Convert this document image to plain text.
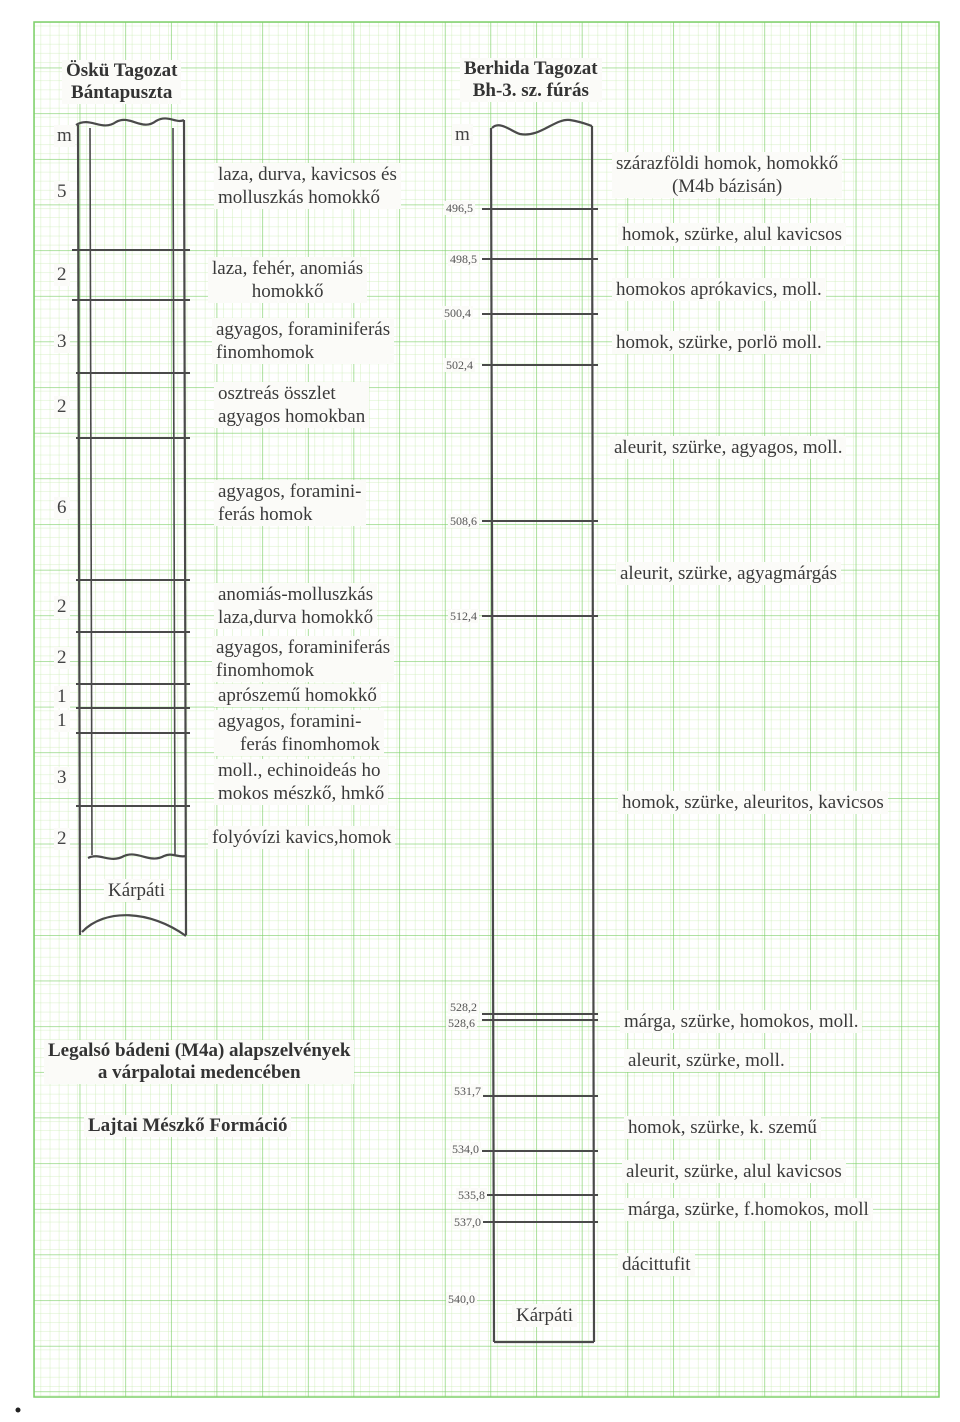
Öskü Tagozat
Bántapuszta
m
5
2
3
2
6
2
2
1
1
3
2
laza, durva, kavicsos és
molluszkás homokkő
laza, fehér, anomiás
homokkő
agyagos, foraminiferás
finomhomok
osztreás összlet
agyagos homokban
agyagos, foramini-
ferás homok
anomiás-molluszkás
laza,durva homokkő
agyagos, foraminiferás
finomhomok
aprószemű homokkő
agyagos, foramini-
ferás finomhomok
moll., echinoideás ho
mokos mészkő, hmkő
folyóvízi kavics,homok
Kárpáti
Berhida Tagozat
Bh-3. sz. fúrás
m
496,5
498,5
500,4
502,4
508,6
512,4
528,2
528,6
531,7
534,0
535,8
537,0
540,0
szárazföldi homok, homokkő
(M4b bázisán)
homok, szürke, alul kavicsos
homokos aprókavics, moll.
homok, szürke, porlö moll.
aleurit, szürke, agyagos, moll.
aleurit, szürke, agyagmárgás
homok, szürke, aleuritos, kavicsos
márga, szürke, homokos, moll.
aleurit, szürke, moll.
homok, szürke, k. szemű
aleurit, szürke, alul kavicsos
márga, szürke, f.homokos, moll
dácittufit
Kárpáti
Legalsó bádeni (M4a) alapszelvények
a várpalotai medencében
Lajtai Mészkő Formáció
